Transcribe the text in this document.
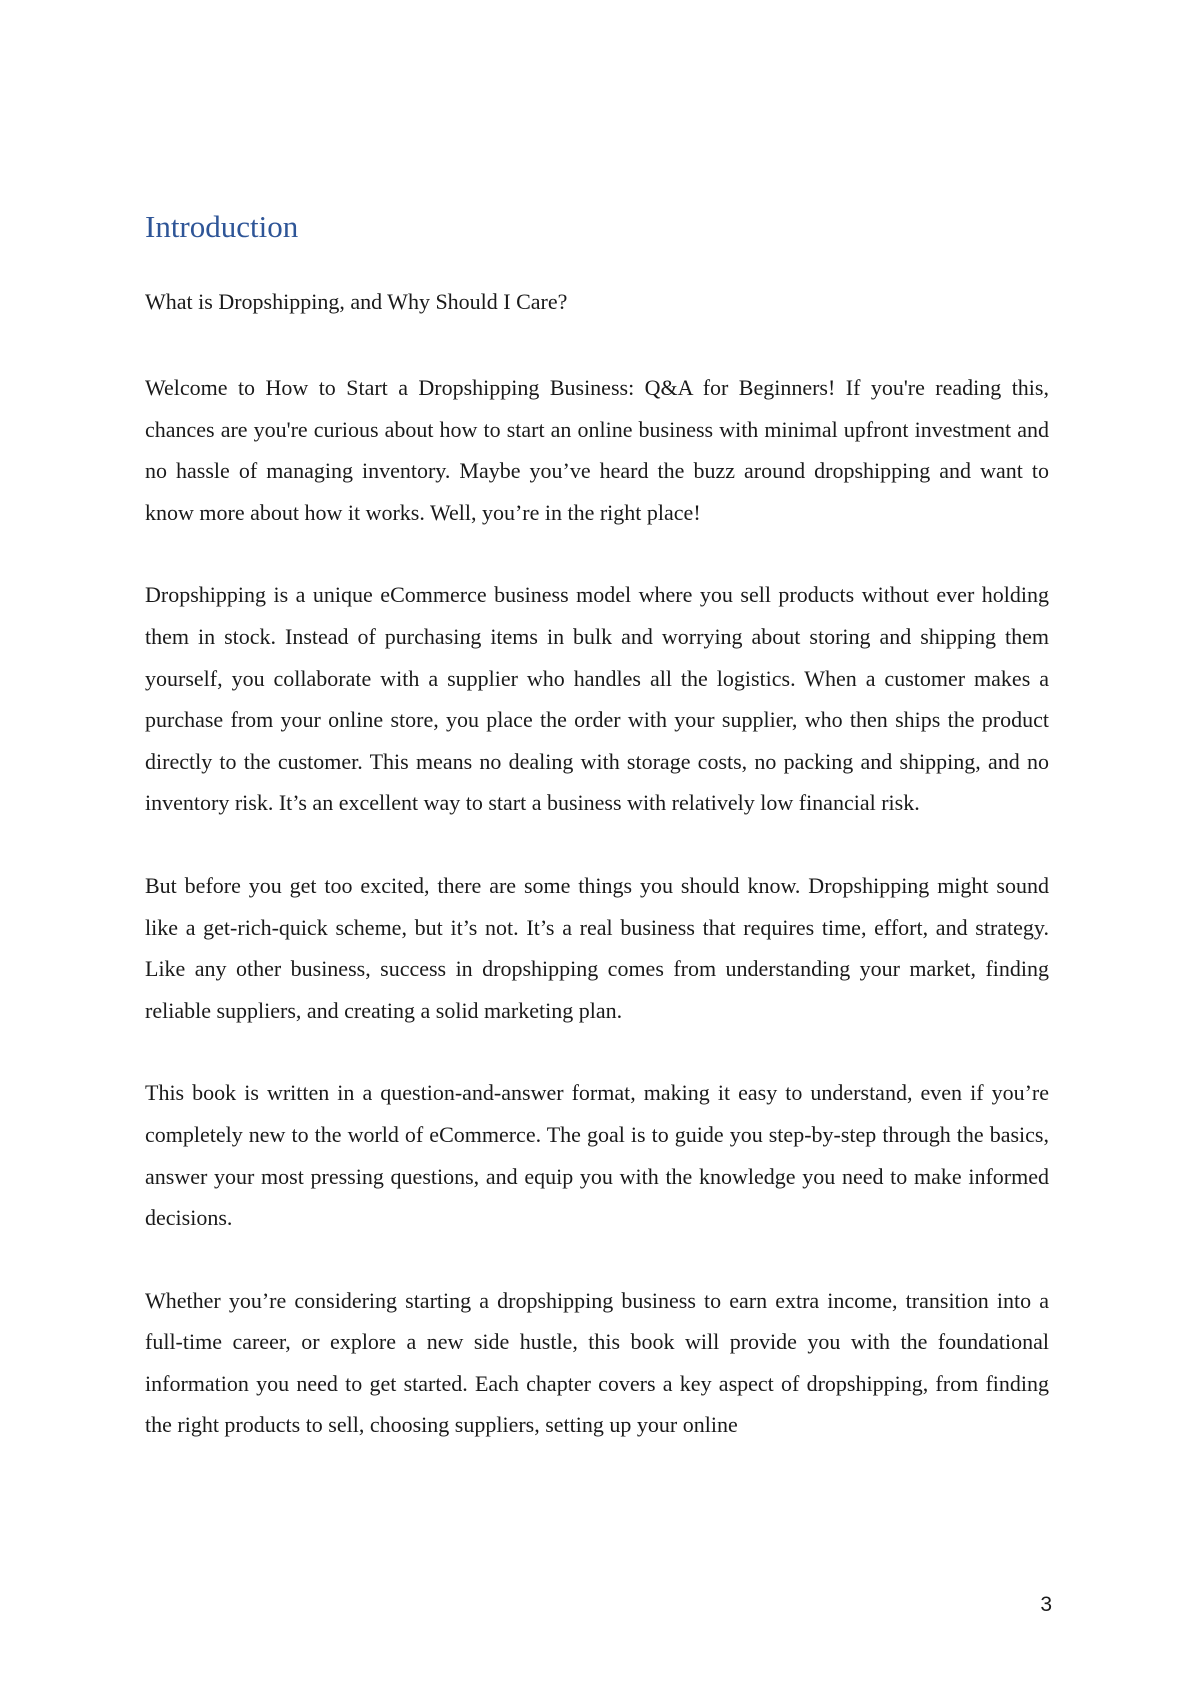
Introduction

What is Dropshipping, and Why Should I Care?

Welcome to How to Start a Dropshipping Business: Q&A for Beginners! If you're reading this, chances are you're curious about how to start an online business with minimal upfront investment and no hassle of managing inventory. Maybe you’ve heard the buzz around dropshipping and want to know more about how it works. Well, you’re in the right place!

Dropshipping is a unique eCommerce business model where you sell products without ever holding them in stock. Instead of purchasing items in bulk and worrying about storing and shipping them yourself, you collaborate with a supplier who handles all the logistics. When a customer makes a purchase from your online store, you place the order with your supplier, who then ships the product directly to the customer. This means no dealing with storage costs, no packing and shipping, and no inventory risk. It’s an excellent way to start a business with relatively low financial risk.

But before you get too excited, there are some things you should know. Dropshipping might sound like a get-rich-quick scheme, but it’s not. It’s a real business that requires time, effort, and strategy. Like any other business, success in dropshipping comes from understanding your market, finding reliable suppliers, and creating a solid marketing plan.

This book is written in a question-and-answer format, making it easy to understand, even if you’re completely new to the world of eCommerce. The goal is to guide you step-by-step through the basics, answer your most pressing questions, and equip you with the knowledge you need to make informed decisions.

Whether you’re considering starting a dropshipping business to earn extra income, transition into a full-time career, or explore a new side hustle, this book will provide you with the foundational information you need to get started. Each chapter covers a key aspect of dropshipping, from finding the right products to sell, choosing suppliers, setting up your online

3
